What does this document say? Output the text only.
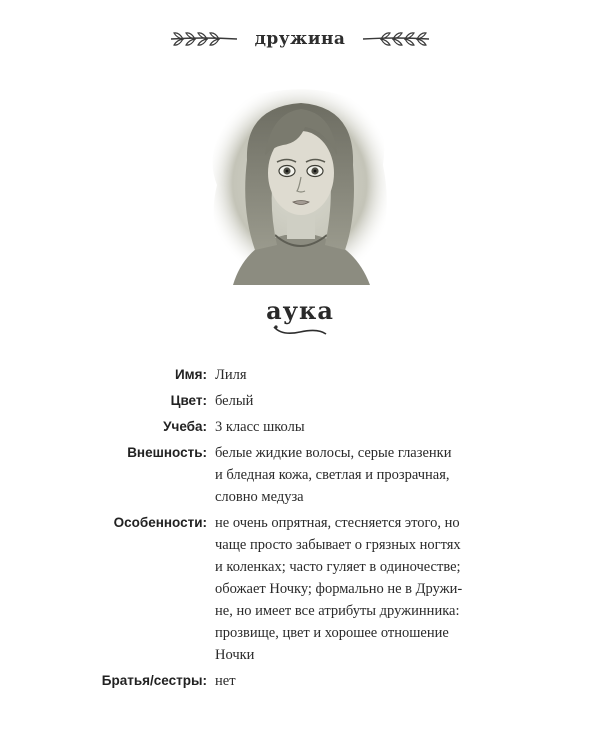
дружина
аука
Имя: Лиля
Цвет: белый
Учеба: 3 класс школы
Внешность: белые жидкие волосы, серые глазенки
и бледная кожа, светлая и прозрачная,
словно медуза
Особенности: не очень опрятная, стесняется этого, но
чаще просто забывает о грязных ногтях
и коленках; часто гуляет в одиночестве;
обожает Ночку; формально не в Дружи-
не, но имеет все атрибуты дружинника:
прозвище, цвет и хорошее отношение
Ночки
Братья/сестры: нет
